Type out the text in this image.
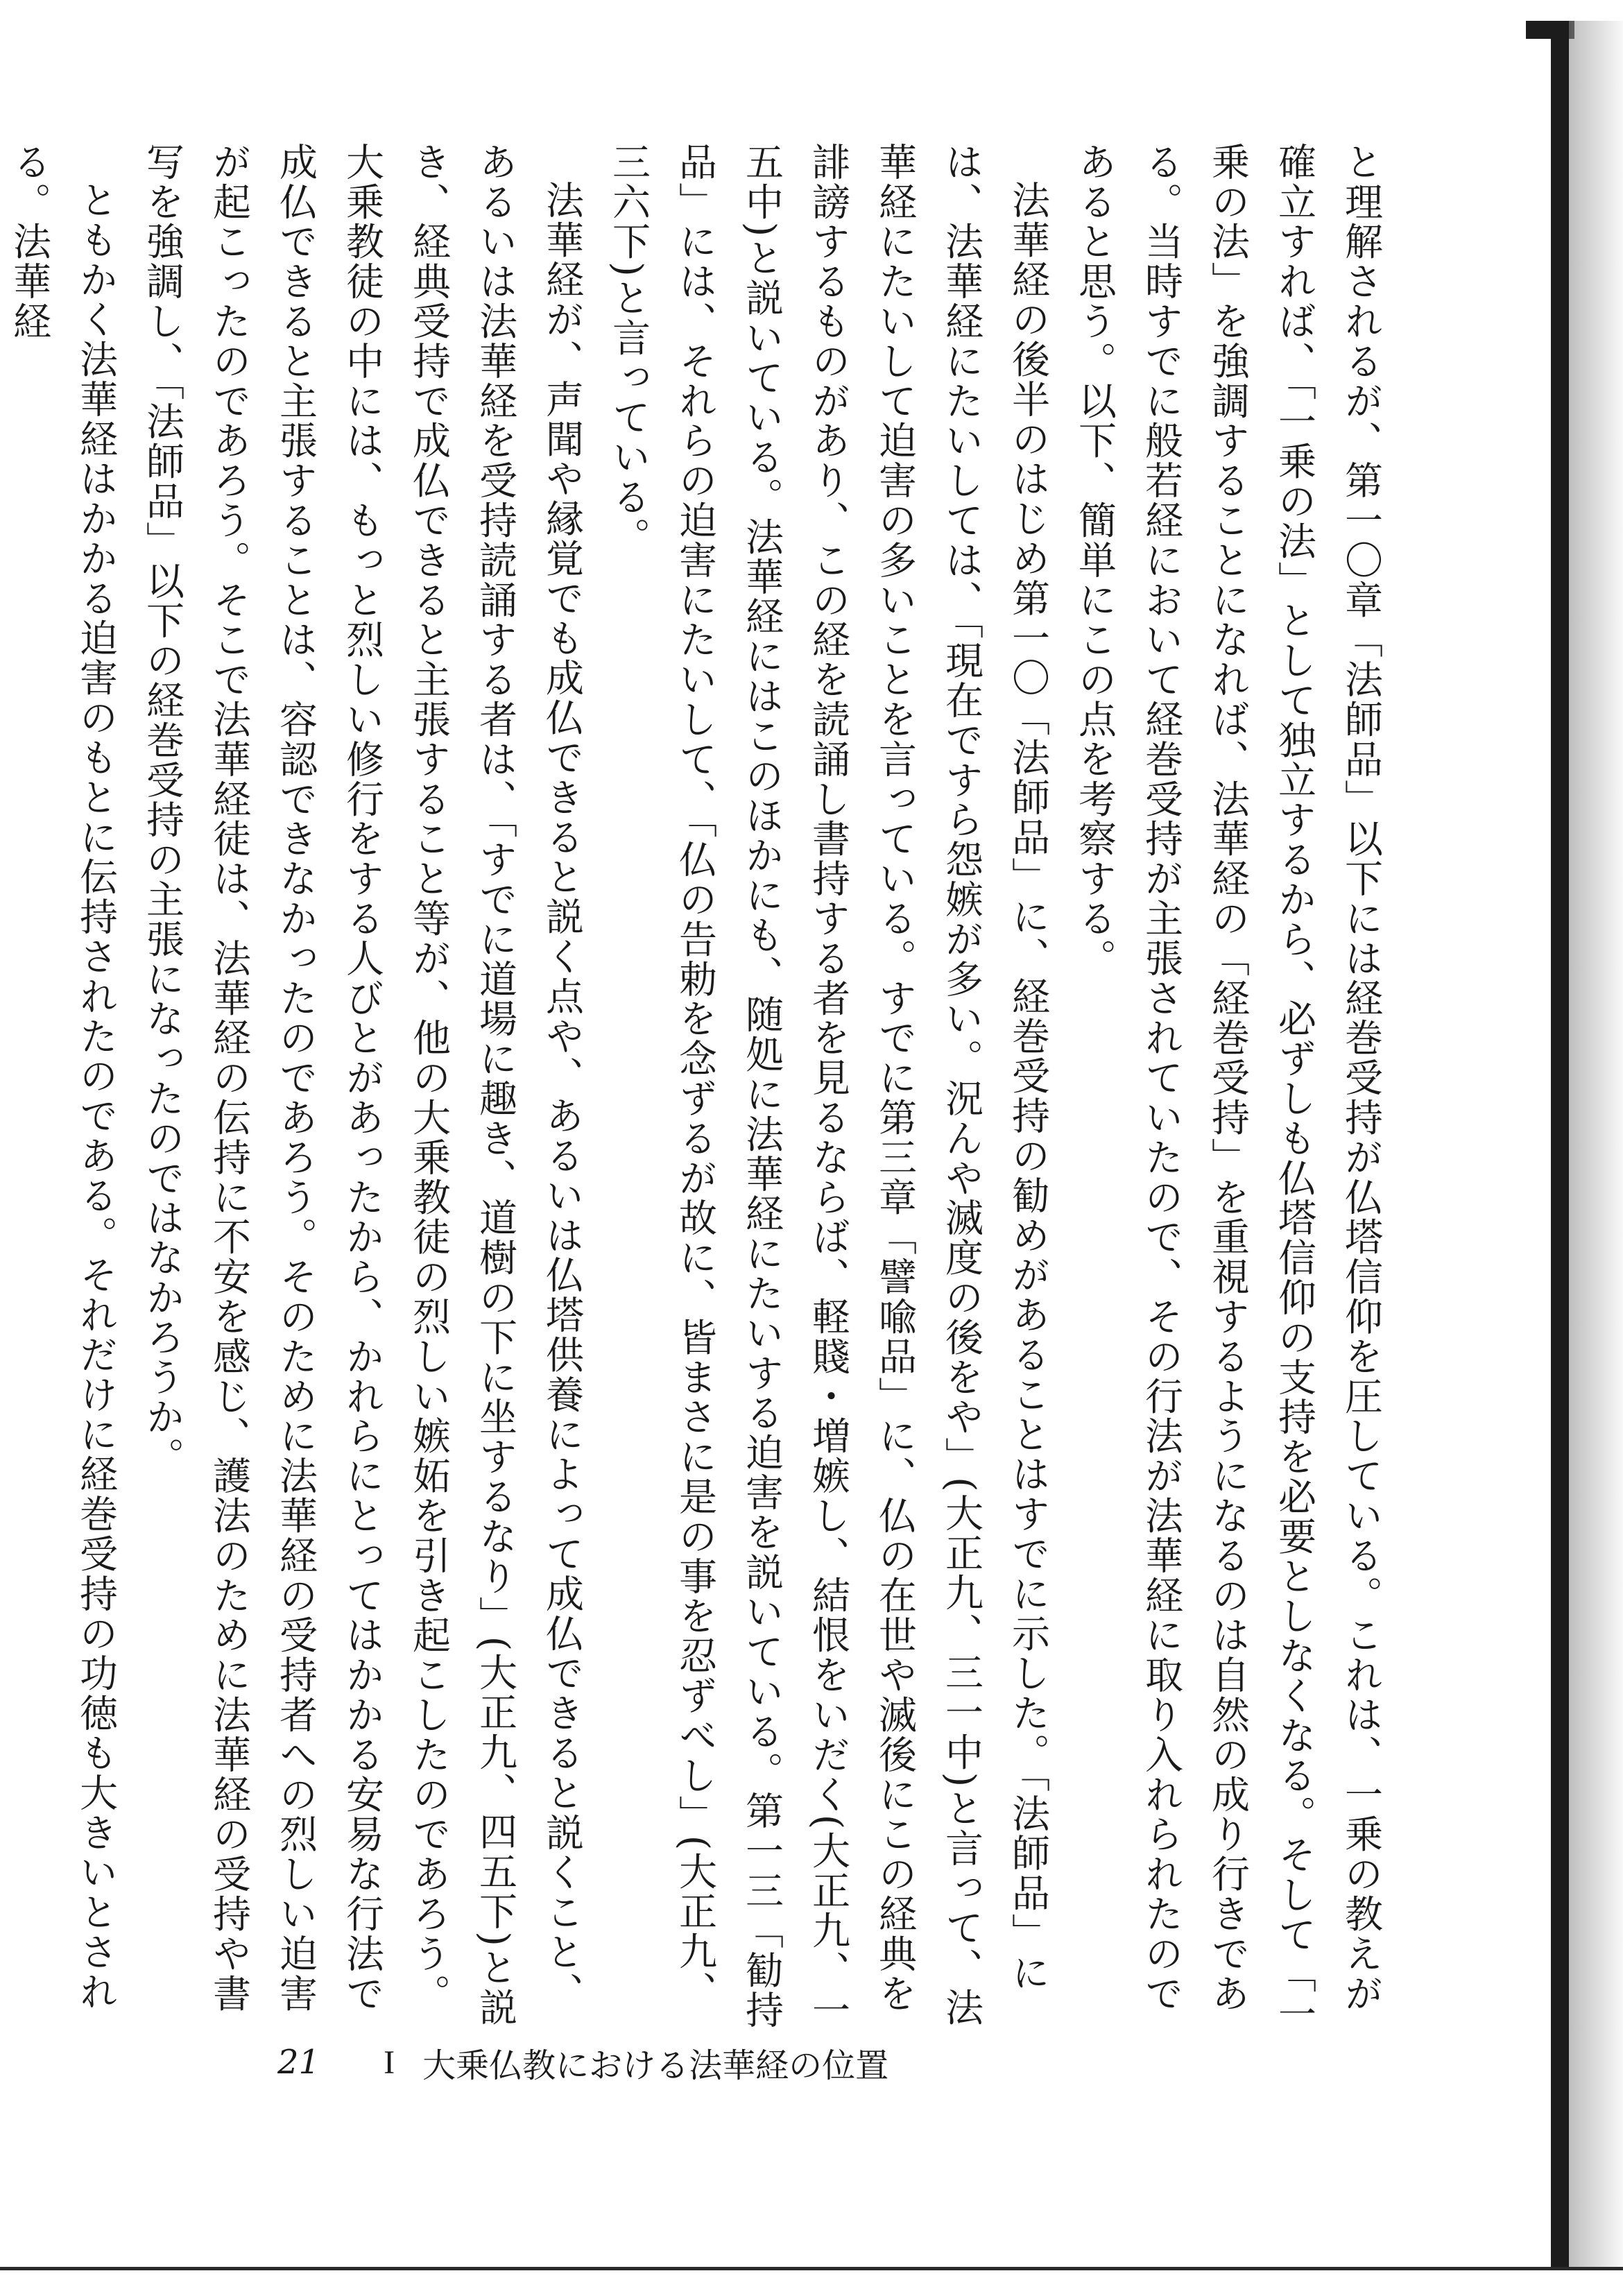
と理解されるが、第一〇章「法師品」以下には経巻受持が仏塔信仰を圧している。これは、一乗の教えが確立すれば、「一乗の法」として独立するから、必ずしも仏塔信仰の支持を必要としなくなる。そして「一乗の法」を強調することになれば、法華経の「経巻受持」を重視するようになるのは自然の成り行きである。当時すでに般若経において経巻受持が主張されていたので、その行法が法華経に取り入れられたのであると思う。以下、簡単にこの点を考察する。

法華経の後半のはじめ第一〇「法師品」に、経巻受持の勧めがあることはすでに示した。「法師品」には、法華経にたいしては、「現在ですら怨嫉が多い。況んや滅度の後をや」(大正九、三一中)と言って、法華経にたいして迫害の多いことを言っている。すでに第三章「譬喩品」に、仏の在世や滅後にこの経典を誹謗するものがあり、この経を読誦し書持する者を見るならば、軽賤・増嫉し、結恨をいだく(大正九、一五中)と説いている。法華経にはこのほかにも、随処に法華経にたいする迫害を説いている。第一三「勧持品」には、それらの迫害にたいして、「仏の告勅を念ずるが故に、皆まさに是の事を忍ずべし」(大正九、三六下)と言っている。

法華経が、声聞や縁覚でも成仏できると説く点や、あるいは仏塔供養によって成仏できると説くこと、あるいは法華経を受持読誦する者は、「すでに道場に趣き、道樹の下に坐するなり」(大正九、四五下)と説き、経典受持で成仏できると主張すること等が、他の大乗教徒の烈しい嫉妬を引き起こしたのであろう。大乗教徒の中には、もっと烈しい修行をする人びとがあったから、かれらにとってはかかる安易な行法で成仏できると主張することは、容認できなかったのであろう。そのために法華経の受持者への烈しい迫害が起こったのであろう。そこで法華経徒は、法華経の伝持に不安を感じ、護法のために法華経の受持や書写を強調し、「法師品」以下の経巻受持の主張になったのではなかろうか。

ともかく法華経はかかる迫害のもとに伝持されたのである。それだけに経巻受持の功徳も大きいとされる。法華経

21 I 大乗仏教における法華経の位置
